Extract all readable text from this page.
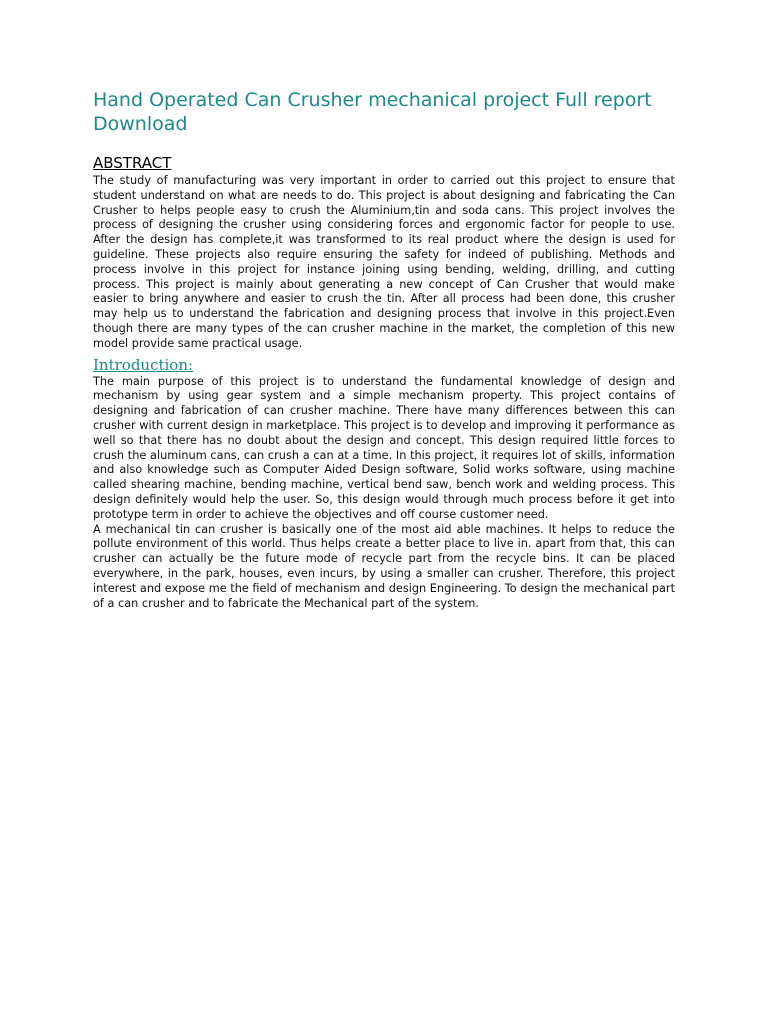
Hand Operated Can Crusher mechanical project Full report Download
ABSTRACT

The study of manufacturing was very important in order to carried out this project to ensure that student understand on what are needs to do. This project is about designing and fabricating the Can Crusher to helps people easy to crush the Aluminium,tin and soda cans. This project involves the process of designing the crusher using considering forces and ergonomic factor for people to use. After the design has complete,it was transformed to its real product where the design is used for guideline. These projects also require ensuring the safety for indeed of publishing. Methods and process involve in this project for instance joining using bending, welding, drilling, and cutting process. This project is mainly about generating a new concept of Can Crusher that would make easier to bring anywhere and easier to crush the tin. After all process had been done, this crusher may help us to understand the fabrication and designing process that involve in this project.Even though there are many types of the can crusher machine in the market, the completion of this new model provide same practical usage.

Introduction:

The main purpose of this project is to understand the fundamental knowledge of design and mechanism by using gear system and a simple mechanism property. This project contains of designing and fabrication of can crusher machine. There have many differences between this can crusher with current design in marketplace. This project is to develop and improving it performance as well so that there has no doubt about the design and concept. This design required little forces to crush the aluminum cans, can crush a can at a time. In this project, it requires lot of skills, information and also knowledge such as Computer Aided Design software, Solid works software, using machine called shearing machine, bending machine, vertical bend saw, bench work and welding process. This design definitely would help the user. So, this design would through much process before it get into prototype term in order to achieve the objectives and off course customer need.

A mechanical tin can crusher is basically one of the most aid able machines. It helps to reduce the pollute environment of this world. Thus helps create a better place to live in. apart from that, this can crusher can actually be the future mode of recycle part from the recycle bins. It can be placed everywhere, in the park, houses, even incurs, by using a smaller can crusher. Therefore, this project interest and expose me the field of mechanism and design Engineering. To design the mechanical part of a can crusher and to fabricate the Mechanical part of the system.
